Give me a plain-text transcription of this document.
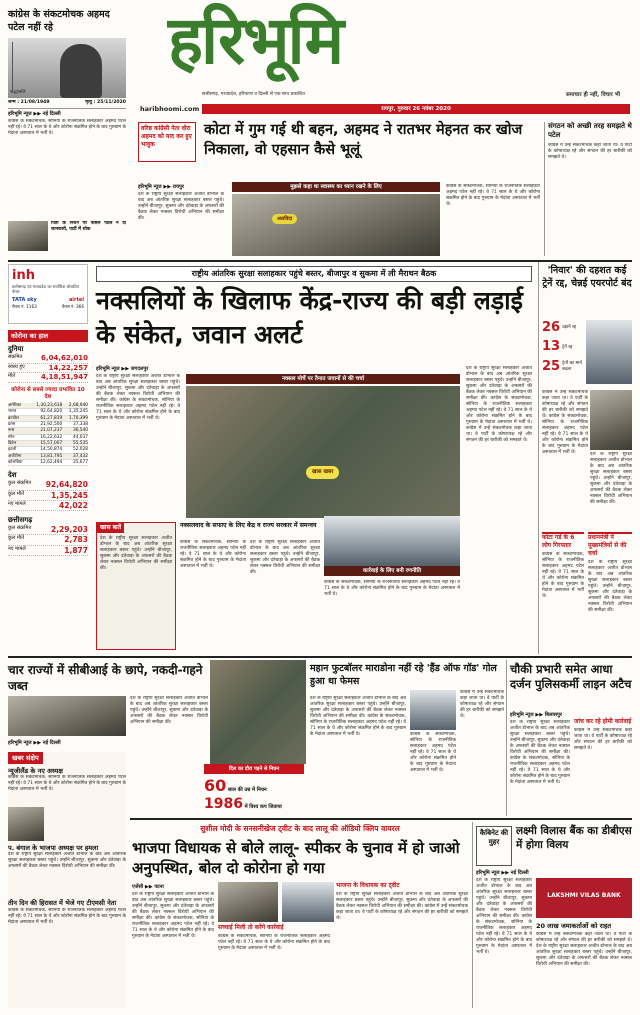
कांग्रेस के संकटमोचक अहमद पटेल नहीं रहे
श्रद्धांजलि
जन्म : 21/08/1949	मृत्यु : 25/11/2020
हरिभूमि न्यूज ▶▶ नई दिल्ली
कांग्रेस के संकटमोचक, सोनिया के राजनीतिक सलाहकार अहमद पटेल नहीं रहे। वे 71 साल के थे और कोरोना संक्रमित होने के बाद गुरुग्राम के मेदांता अस्पताल में भर्ती थे।
पिता के निधन पर फैसल पटेल ने दी जानकारी, पार्टी में शोक
हरिभूमि
समाचार ही नहीं, विचार भी
छत्तीसगढ़, मध्यप्रदेश, हरियाणा व दिल्ली से एक साथ प्रकाशित
haribhoomi.com	रायपुर, गुरुवार 26 नवंबर 2020
वरिष्ठ कांग्रेसी नेता वोरा अहमद को याद कर हुए भावुक
कोटा में गुम गई थी बहन, अहमद ने रातभर मेहनत कर खोज निकाला, वो एहसान कैसे भूलूं
हरिभूमि न्यूज ▶▶ रायपुर
देश के राष्ट्रीय सुरक्षा सलाहकार अजीत डोभाल के बाद अब आंतरिक सुरक्षा सलाहकार बस्तर पहुंचे। उन्होंने बीजापुर, सुकमा और दंतेवाड़ा के अफसरों की बैठक लेकर नक्सल विरोधी अभियान की समीक्षा की।
मुझसे कहा था स्वास्थ्य का ध्यान रखने के लिए
अलविदा
कांग्रेस के संकटमोचक, सोनिया के राजनीतिक सलाहकार अहमद पटेल नहीं रहे। वे 71 साल के थे और कोरोना संक्रमित होने के बाद गुरुग्राम के मेदांता अस्पताल में भर्ती थे।
संगठन को अच्छी तरह समझते थे पटेल
कांग्रेस में उन्हें संकटमोचक कहा जाता था। वे पार्टी के कोषाध्यक्ष रहे और संगठन की हर बारीकी को समझते थे।
inh
छत्तीसगढ़ एवं मध्यप्रदेश का सर्वाधिक लोकप्रिय चैनल
TATA sky	airtel
चैनल नं. 1163	चैनल नं. 366
कोरोना का हाल
दुनिया
संक्रमित	6,04,62,010
स्वस्थ हुए	14,22,257
मौतें	4,18,51,947
कोरोना से सबसे ज्यादा प्रभावित 10 देश
अमेरिका	1,30,23,618	2,68,940
भारत	92,64,820	1,35,245
ब्राजील	61,27,819	1,70,399
फ्रांस	21,92,500	37,338
रूस	21,07,237	36,540
स्पेन	16,22,632	44,037
ब्रिटेन	15,57,007	55,535
इटली	14,50,874	52,028
अर्जेंटीना	13,81,795	37,432
कोलंबिया	12,62,494	35,677
देश
कुल संक्रमित 92,64,820
कुल मौतें	1,35,245
नए मामले	42,022
छत्तीसगढ़
कुल संक्रमित	2,29,203
कुल मौतें	2,783
नए मामले	1,877
राष्ट्रीय आंतरिक सुरक्षा सलाहकार पहुंचे बस्तर, बीजापुर व सुकमा में ली मैराथन बैठक
नक्सलियों के खिलाफ केंद्र-राज्य की बड़ी लड़ाई के संकेत, जवान अलर्ट
हरिभूमि न्यूज ▶▶ जगदलपुर
देश के राष्ट्रीय सुरक्षा सलाहकार अजीत डोभाल के बाद अब आंतरिक सुरक्षा सलाहकार बस्तर पहुंचे। उन्होंने बीजापुर, सुकमा और दंतेवाड़ा के अफसरों की बैठक लेकर नक्सल विरोधी अभियान की समीक्षा की। कांग्रेस के संकटमोचक, सोनिया के राजनीतिक सलाहकार अहमद पटेल नहीं रहे। वे 71 साल के थे और कोरोना संक्रमित होने के बाद गुरुग्राम के मेदांता अस्पताल में भर्ती थे।
नक्सल मोर्चे पर तैनात जवानों से की चर्चा
खास खबर
खास बातें
देश के राष्ट्रीय सुरक्षा सलाहकार अजीत डोभाल के बाद अब आंतरिक सुरक्षा सलाहकार बस्तर पहुंचे। उन्होंने बीजापुर, सुकमा और दंतेवाड़ा के अफसरों की बैठक लेकर नक्सल विरोधी अभियान की समीक्षा की।
नक्सलवाद के सफाए के लिए केंद्र व राज्य सरकार में समन्वय
कांग्रेस के संकटमोचक, सोनिया के राजनीतिक सलाहकार अहमद पटेल नहीं रहे। वे 71 साल के थे और कोरोना संक्रमित होने के बाद गुरुग्राम के मेदांता अस्पताल में भर्ती थे।
देश के राष्ट्रीय सुरक्षा सलाहकार अजीत डोभाल के बाद अब आंतरिक सुरक्षा सलाहकार बस्तर पहुंचे। उन्होंने बीजापुर, सुकमा और दंतेवाड़ा के अफसरों की बैठक लेकर नक्सल विरोधी अभियान की समीक्षा की।	कार्रवाई के लिए बनी रणनीति
कांग्रेस के संकटमोचक, सोनिया के राजनीतिक सलाहकार अहमद पटेल नहीं रहे। वे 71 साल के थे और कोरोना संक्रमित होने के बाद गुरुग्राम के मेदांता अस्पताल में भर्ती थे।
देश के राष्ट्रीय सुरक्षा सलाहकार अजीत डोभाल के बाद अब आंतरिक सुरक्षा सलाहकार बस्तर पहुंचे। उन्होंने बीजापुर, सुकमा और दंतेवाड़ा के अफसरों की बैठक लेकर नक्सल विरोधी अभियान की समीक्षा की। कांग्रेस के संकटमोचक, सोनिया के राजनीतिक सलाहकार अहमद पटेल नहीं रहे। वे 71 साल के थे और कोरोना संक्रमित होने के बाद गुरुग्राम के मेदांता अस्पताल में भर्ती थे। कांग्रेस में उन्हें संकटमोचक कहा जाता था। वे पार्टी के कोषाध्यक्ष रहे और संगठन की हर बारीकी को समझते थे।
'निवार' की दहशत कई ट्रेनें रद्द, चेन्नई एयरपोर्ट बंद
26 उड़ानें रद्द
13 ट्रेनें रद्द
25 ट्रेनों का मार्ग बदला
कांग्रेस में उन्हें संकटमोचक कहा जाता था। वे पार्टी के कोषाध्यक्ष रहे और संगठन की हर बारीकी को समझते थे। कांग्रेस के संकटमोचक, सोनिया के राजनीतिक सलाहकार अहमद पटेल नहीं रहे। वे 71 साल के थे और कोरोना संक्रमित होने के बाद गुरुग्राम के मेदांता अस्पताल में भर्ती थे।	देश के राष्ट्रीय सुरक्षा सलाहकार अजीत डोभाल के बाद अब आंतरिक सुरक्षा सलाहकार बस्तर पहुंचे। उन्होंने बीजापुर, सुकमा और दंतेवाड़ा के अफसरों की बैठक लेकर नक्सल विरोधी अभियान की समीक्षा की।
कोटा गर्ड के 6 लोग गिरफ्तार
कांग्रेस के संकटमोचक, सोनिया के राजनीतिक सलाहकार अहमद पटेल नहीं रहे। वे 71 साल के थे और कोरोना संक्रमित होने के बाद गुरुग्राम के मेदांता अस्पताल में भर्ती थे।
प्रधानमंत्री ने मुख्यमंत्रियों से की चर्चा
देश के राष्ट्रीय सुरक्षा सलाहकार अजीत डोभाल के बाद अब आंतरिक सुरक्षा सलाहकार बस्तर पहुंचे। उन्होंने बीजापुर, सुकमा और दंतेवाड़ा के अफसरों की बैठक लेकर नक्सल विरोधी अभियान की समीक्षा की।
चार राज्यों में सीबीआई के छापे, नकदी-गहने जब्त
हरिभूमि न्यूज ▶▶ नई दिल्ली
देश के राष्ट्रीय सुरक्षा सलाहकार अजीत डोभाल के बाद अब आंतरिक सुरक्षा सलाहकार बस्तर पहुंचे। उन्होंने बीजापुर, सुकमा और दंतेवाड़ा के अफसरों की बैठक लेकर नक्सल विरोधी अभियान की समीक्षा की।
खबर संक्षेप
न्यूजीलैंड के नए अध्यक्ष
कांग्रेस के संकटमोचक, सोनिया के राजनीतिक सलाहकार अहमद पटेल नहीं रहे। वे 71 साल के थे और कोरोना संक्रमित होने के बाद गुरुग्राम के मेदांता अस्पताल में भर्ती थे।
प. बंगाल के भाजपा अध्यक्ष पर हमला
देश के राष्ट्रीय सुरक्षा सलाहकार अजीत डोभाल के बाद अब आंतरिक सुरक्षा सलाहकार बस्तर पहुंचे। उन्होंने बीजापुर, सुकमा और दंतेवाड़ा के अफसरों की बैठक लेकर नक्सल विरोधी अभियान की समीक्षा की।
तीन दिन की हिरासत में भेजे गए टीएमसी नेता
कांग्रेस के संकटमोचक, सोनिया के राजनीतिक सलाहकार अहमद पटेल नहीं रहे। वे 71 साल के थे और कोरोना संक्रमित होने के बाद गुरुग्राम के मेदांता अस्पताल में भर्ती थे।
महान फुटबॉलर माराडोना नहीं रहे 'हैंड ऑफ गॉड' गोल हुआ था फेमस
दिल का दौरा पड़ने से निधन
60 साल की उम्र में निधन
1986 में विश्व कप जिताया
देश के राष्ट्रीय सुरक्षा सलाहकार अजीत डोभाल के बाद अब आंतरिक सुरक्षा सलाहकार बस्तर पहुंचे। उन्होंने बीजापुर, सुकमा और दंतेवाड़ा के अफसरों की बैठक लेकर नक्सल विरोधी अभियान की समीक्षा की। कांग्रेस के संकटमोचक, सोनिया के राजनीतिक सलाहकार अहमद पटेल नहीं रहे। वे 71 साल के थे और कोरोना संक्रमित होने के बाद गुरुग्राम के मेदांता अस्पताल में भर्ती थे।	कांग्रेस के संकटमोचक, सोनिया के राजनीतिक सलाहकार अहमद पटेल नहीं रहे। वे 71 साल के थे और कोरोना संक्रमित होने के बाद गुरुग्राम के मेदांता अस्पताल में भर्ती थे।
कांग्रेस में उन्हें संकटमोचक कहा जाता था। वे पार्टी के कोषाध्यक्ष रहे और संगठन की हर बारीकी को समझते थे।
चौकी प्रभारी समेत आधा दर्जन पुलिसकर्मी लाइन अटैच
हरिभूमि न्यूज ▶▶ बिलासपुर
देश के राष्ट्रीय सुरक्षा सलाहकार अजीत डोभाल के बाद अब आंतरिक सुरक्षा सलाहकार बस्तर पहुंचे। उन्होंने बीजापुर, सुकमा और दंतेवाड़ा के अफसरों की बैठक लेकर नक्सल विरोधी अभियान की समीक्षा की। कांग्रेस के संकटमोचक, सोनिया के राजनीतिक सलाहकार अहमद पटेल नहीं रहे। वे 71 साल के थे और कोरोना संक्रमित होने के बाद गुरुग्राम के मेदांता अस्पताल में भर्ती थे।
जांच कर रहे होमी कार्रवाई
कांग्रेस में उन्हें संकटमोचक कहा जाता था। वे पार्टी के कोषाध्यक्ष रहे और संगठन की हर बारीकी को समझते थे।
सुशील मोदी के सनसनीखेज ट्वीट के बाद लालू की ऑडियो क्लिप वायरल
भाजपा विधायक से बोले लालू- स्पीकर के चुनाव में हो जाओ अनुपस्थित, बोल दो कोरोना हो गया
एजेंसी ▶▶ पटना
देश के राष्ट्रीय सुरक्षा सलाहकार अजीत डोभाल के बाद अब आंतरिक सुरक्षा सलाहकार बस्तर पहुंचे। उन्होंने बीजापुर, सुकमा और दंतेवाड़ा के अफसरों की बैठक लेकर नक्सल विरोधी अभियान की समीक्षा की। कांग्रेस के संकटमोचक, सोनिया के राजनीतिक सलाहकार अहमद पटेल नहीं रहे। वे 71 साल के थे और कोरोना संक्रमित होने के बाद गुरुग्राम के मेदांता अस्पताल में भर्ती थे।
सच्चाई मिली तो करेंगे कार्रवाई
कांग्रेस के संकटमोचक, सोनिया के राजनीतिक सलाहकार अहमद पटेल नहीं रहे। वे 71 साल के थे और कोरोना संक्रमित होने के बाद गुरुग्राम के मेदांता अस्पताल में भर्ती थे।
भाजपा के विधायक का ट्वीट
देश के राष्ट्रीय सुरक्षा सलाहकार अजीत डोभाल के बाद अब आंतरिक सुरक्षा सलाहकार बस्तर पहुंचे। उन्होंने बीजापुर, सुकमा और दंतेवाड़ा के अफसरों की बैठक लेकर नक्सल विरोधी अभियान की समीक्षा की। कांग्रेस में उन्हें संकटमोचक कहा जाता था। वे पार्टी के कोषाध्यक्ष रहे और संगठन की हर बारीकी को समझते थे।
कैबिनेट की मुहर
लक्ष्मी विलास बैंक का डीबीएस में होगा विलय
हरिभूमि न्यूज ▶▶ नई दिल्ली
देश के राष्ट्रीय सुरक्षा सलाहकार अजीत डोभाल के बाद अब आंतरिक सुरक्षा सलाहकार बस्तर पहुंचे। उन्होंने बीजापुर, सुकमा और दंतेवाड़ा के अफसरों की बैठक लेकर नक्सल विरोधी अभियान की समीक्षा की। कांग्रेस के संकटमोचक, सोनिया के राजनीतिक सलाहकार अहमद पटेल नहीं रहे। वे 71 साल के थे और कोरोना संक्रमित होने के बाद गुरुग्राम के मेदांता अस्पताल में भर्ती थे।
LAKSHMI VILAS BANK
20 लाख जमाकर्ताओं को राहत
कांग्रेस में उन्हें संकटमोचक कहा जाता था। वे पार्टी के कोषाध्यक्ष रहे और संगठन की हर बारीकी को समझते थे। देश के राष्ट्रीय सुरक्षा सलाहकार अजीत डोभाल के बाद अब आंतरिक सुरक्षा सलाहकार बस्तर पहुंचे। उन्होंने बीजापुर, सुकमा और दंतेवाड़ा के अफसरों की बैठक लेकर नक्सल विरोधी अभियान की समीक्षा की।
